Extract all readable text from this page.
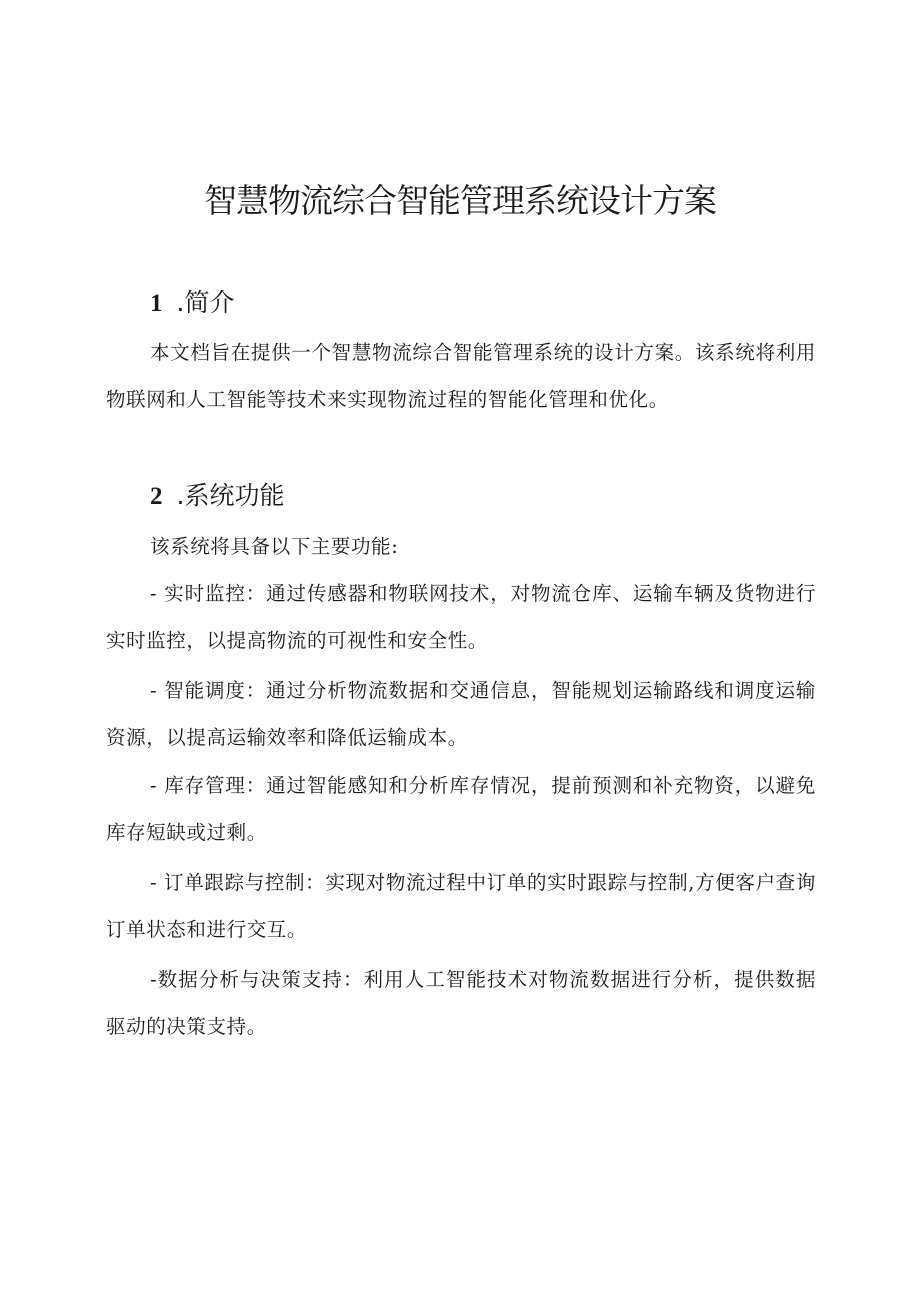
智慧物流综合智能管理系统设计方案
1 .简介

本文档旨在提供一个智慧物流综合智能管理系统的设计方案。该系统将利用物联网和人工智能等技术来实现物流过程的智能化管理和优化。

2 .系统功能

该系统将具备以下主要功能:

- 实时监控：通过传感器和物联网技术，对物流仓库、运输车辆及货物进行实时监控，以提高物流的可视性和安全性。

- 智能调度：通过分析物流数据和交通信息，智能规划运输路线和调度运输资源，以提高运输效率和降低运输成本。

- 库存管理：通过智能感知和分析库存情况，提前预测和补充物资，以避免库存短缺或过剩。

- 订单跟踪与控制：实现对物流过程中订单的实时跟踪与控制,方便客户查询订单状态和进行交互。

-数据分析与决策支持：利用人工智能技术对物流数据进行分析，提供数据驱动的决策支持。
